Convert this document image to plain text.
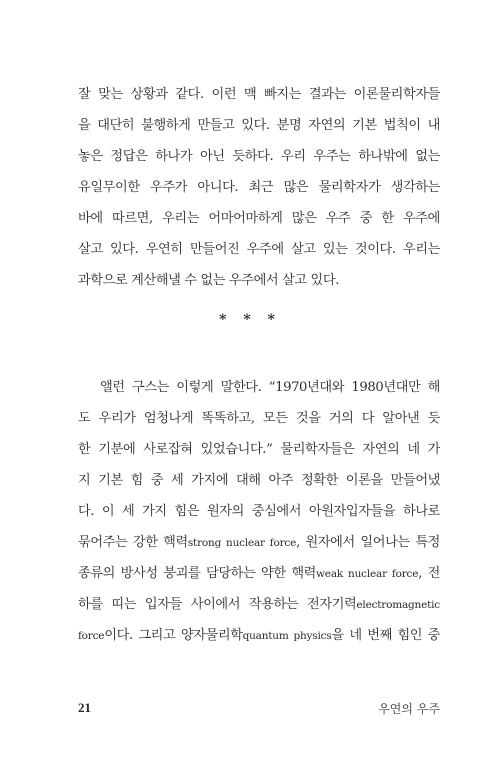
잘 맞는 상황과 같다. 이런 맥 빠지는 결과는 이론물리학자들
을 대단히 불행하게 만들고 있다. 분명 자연의 기본 법칙이 내
놓은 정답은 하나가 아닌 듯하다. 우리 우주는 하나밖에 없는
유일무이한 우주가 아니다. 최근 많은 물리학자가 생각하는
바에 따르면, 우리는 어마어마하게 많은 우주 중 한 우주에
살고 있다. 우연히 만들어진 우주에 살고 있는 것이다. 우리는
과학으로 계산해낼 수 없는 우주에서 살고 있다.
* * *
앨런 구스는 이렇게 말한다. “1970년대와 1980년대만 해
도 우리가 엄청나게 똑똑하고, 모든 것을 거의 다 알아낸 듯
한 기분에 사로잡혀 있었습니다.” 물리학자들은 자연의 네 가
지 기본 힘 중 세 가지에 대해 아주 정확한 이론을 만들어냈
다. 이 세 가지 힘은 원자의 중심에서 아원자입자들을 하나로
묶어주는 강한 핵력strong nuclear force, 원자에서 일어나는 특정
종류의 방사성 붕괴를 담당하는 약한 핵력weak nuclear force, 전
하를 띠는 입자들 사이에서 작용하는 전자기력electromagnetic
force이다. 그리고 양자물리학quantum physics을 네 번째 힘인 중
21	우연의 우주
